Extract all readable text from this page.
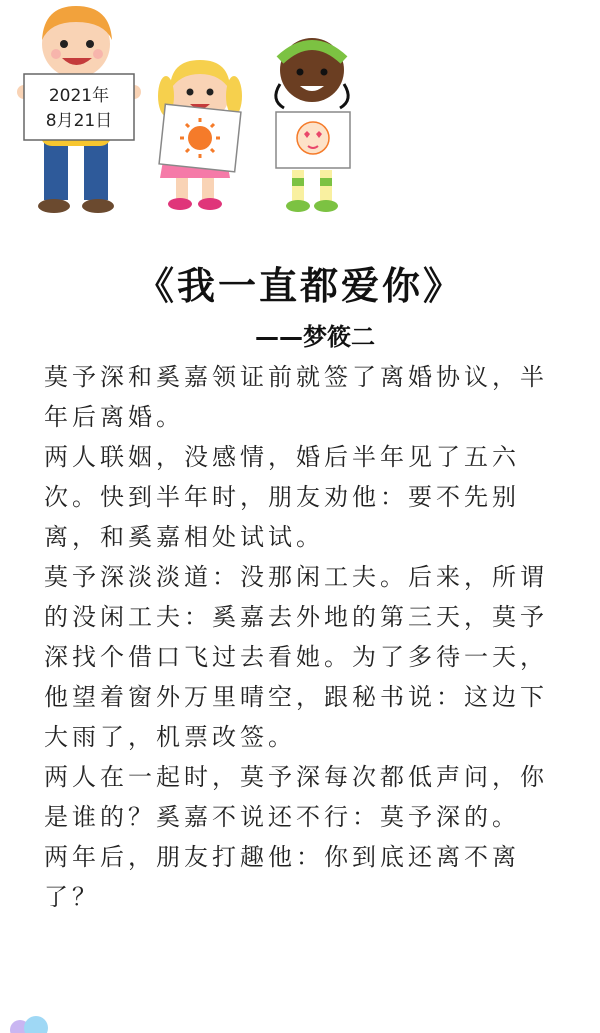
2021年
8月21日
《我一直都爱你》
——梦筱二

莫予深和奚嘉领证前就签了离婚协议，半年后离婚。

两人联姻，没感情，婚后半年见了五六次。快到半年时，朋友劝他：要不先别离，和奚嘉相处试试。

莫予深淡淡道：没那闲工夫。后来，所谓的没闲工夫：奚嘉去外地的第三天，莫予深找个借口飞过去看她。为了多待一天，他望着窗外万里晴空，跟秘书说：这边下大雨了，机票改签。

两人在一起时，莫予深每次都低声问，你是谁的？奚嘉不说还不行：莫予深的。

两年后，朋友打趣他：你到底还离不离了？
